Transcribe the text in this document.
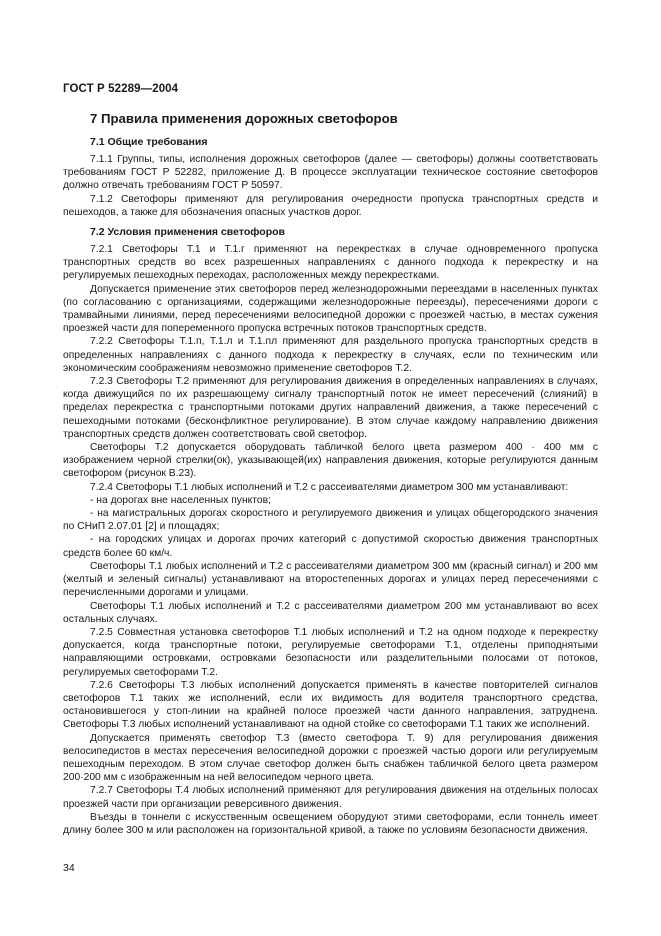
ГОСТ Р 52289—2004
7 Правила применения дорожных светофоров
7.1 Общие требования

7.1.1 Группы, типы, исполнения дорожных светофоров (далее — светофоры) должны соответствовать требованиям ГОСТ Р 52282, приложение Д. В процессе эксплуатации техническое состояние светофоров должно отвечать требованиям ГОСТ Р 50597.

7.1.2 Светофоры применяют для регулирования очередности пропуска транспортных средств и пешеходов, а также для обозначения опасных участков дорог.

7.2 Условия применения светофоров

7.2.1 Светофоры Т.1 и Т.1.г применяют на перекрестках в случае одновременного пропуска транспортных средств во всех разрешенных направлениях с данного подхода к перекрестку и на регулируемых пешеходных переходах, расположенных между перекрестками.

Допускается применение этих светофоров перед железнодорожными переездами в населенных пунктах (по согласованию с организациями, содержащими железнодорожные переезды), пересечениями дороги с трамвайными линиями, перед пересечениями велосипедной дорожки с проезжей частью, в местах сужения проезжей части для попеременного пропуска встречных потоков транспортных средств.

7.2.2 Светофоры Т.1.п, Т.1.л и Т.1.пл применяют для раздельного пропуска транспортных средств в определенных направлениях с данного подхода к перекрестку в случаях, если по техническим или экономическим соображениям невозможно применение светофоров Т.2.

7.2.3 Светофоры Т.2 применяют для регулирования движения в определенных направлениях в случаях, когда движущийся по их разрешающему сигналу транспортный поток не имеет пересечений (слияний) в пределах перекрестка с транспортными потоками других направлений движения, а также пересечений с пешеходными потоками (бесконфликтное регулирование). В этом случае каждому направлению движения транспортных средств должен соответствовать свой светофор.

Светофоры Т.2 допускается оборудовать табличкой белого цвета размером 400 · 400 мм с изображением черной стрелки(ок), указывающей(их) направления движения, которые регулируются данным светофором (рисунок В.23).

7.2.4 Светофоры Т.1 любых исполнений и Т.2 с рассеивателями диаметром 300 мм устанавливают:

- на дорогах вне населенных пунктов;

- на магистральных дорогах скоростного и регулируемого движения и улицах общегородского значения по СНиП 2.07.01 [2] и площадях;

- на городских улицах и дорогах прочих категорий с допустимой скоростью движения транспортных средств более 60 км/ч.

Светофоры Т.1 любых исполнений и Т.2 с рассеивателями диаметром 300 мм (красный сигнал) и 200 мм (желтый и зеленый сигналы) устанавливают на второстепенных дорогах и улицах перед пересечениями с перечисленными дорогами и улицами.

Светофоры Т.1 любых исполнений и Т.2 с рассеивателями диаметром 200 мм устанавливают во всех остальных случаях.

7.2.5 Совместная установка светофоров Т.1 любых исполнений и Т.2 на одном подходе к перекрестку допускается, когда транспортные потоки, регулируемые светофорами Т.1, отделены приподнятыми направляющими островками, островками безопасности или разделительными полосами от потоков, регулируемых светофорами Т.2.

7.2.6 Светофоры Т.3 любых исполнений допускается применять в качестве повторителей сигналов светофоров Т.1 таких же исполнений, если их видимость для водителя транспортного средства, остановившегося у стоп-линии на крайней полосе проезжей части данного направления, затруднена. Светофоры Т.3 любых исполнений устанавливают на одной стойке со светофорами Т.1 таких же исполнений.

Допускается применять светофор Т.3 (вместо светофора Т. 9) для регулирования движения велосипедистов в местах пересечения велосипедной дорожки с проезжей частью дороги или регулируемым пешеходным переходом. В этом случае светофор должен быть снабжен табличкой белого цвета размером 200·200 мм с изображенным на ней велосипедом черного цвета.

7.2.7 Светофоры Т.4 любых исполнений применяют для регулирования движения на отдельных полосах проезжей части при организации реверсивного движения.

Въезды в тоннели с искусственным освещением оборудуют этими светофорами, если тоннель имеет длину более 300 м или расположен на горизонтальной кривой, а также по условиям безопасности движения.

34
